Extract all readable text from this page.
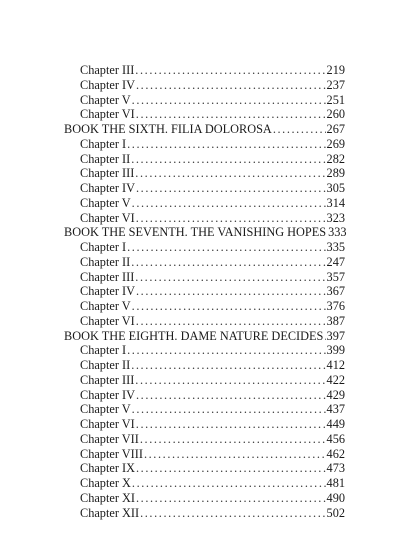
Chapter III .....	219
Chapter IV .....	237
Chapter V .....	251
Chapter VI .....	260
BOOK THE SIXTH. FILIA DOLOROSA .....	267
Chapter I .....	269
Chapter II .....	282
Chapter III .....	289
Chapter IV .....	305
Chapter V .....	314
Chapter VI .....	323
BOOK THE SEVENTH. THE VANISHING HOPES 333
Chapter I .....	335
Chapter II .....	247
Chapter III .....	357
Chapter IV .....	367
Chapter V .....	376
Chapter VI .....	387
BOOK THE EIGHTH. DAME NATURE DECIDES ..... 397
Chapter I .....	399
Chapter II .....	412
Chapter III .....	422
Chapter IV .....	429
Chapter V .....	437
Chapter VI .....	449
Chapter VII .....	456
Chapter VIII .....	462
Chapter IX .....	473
Chapter X .....	481
Chapter XI .....	490
Chapter XII .....	502
